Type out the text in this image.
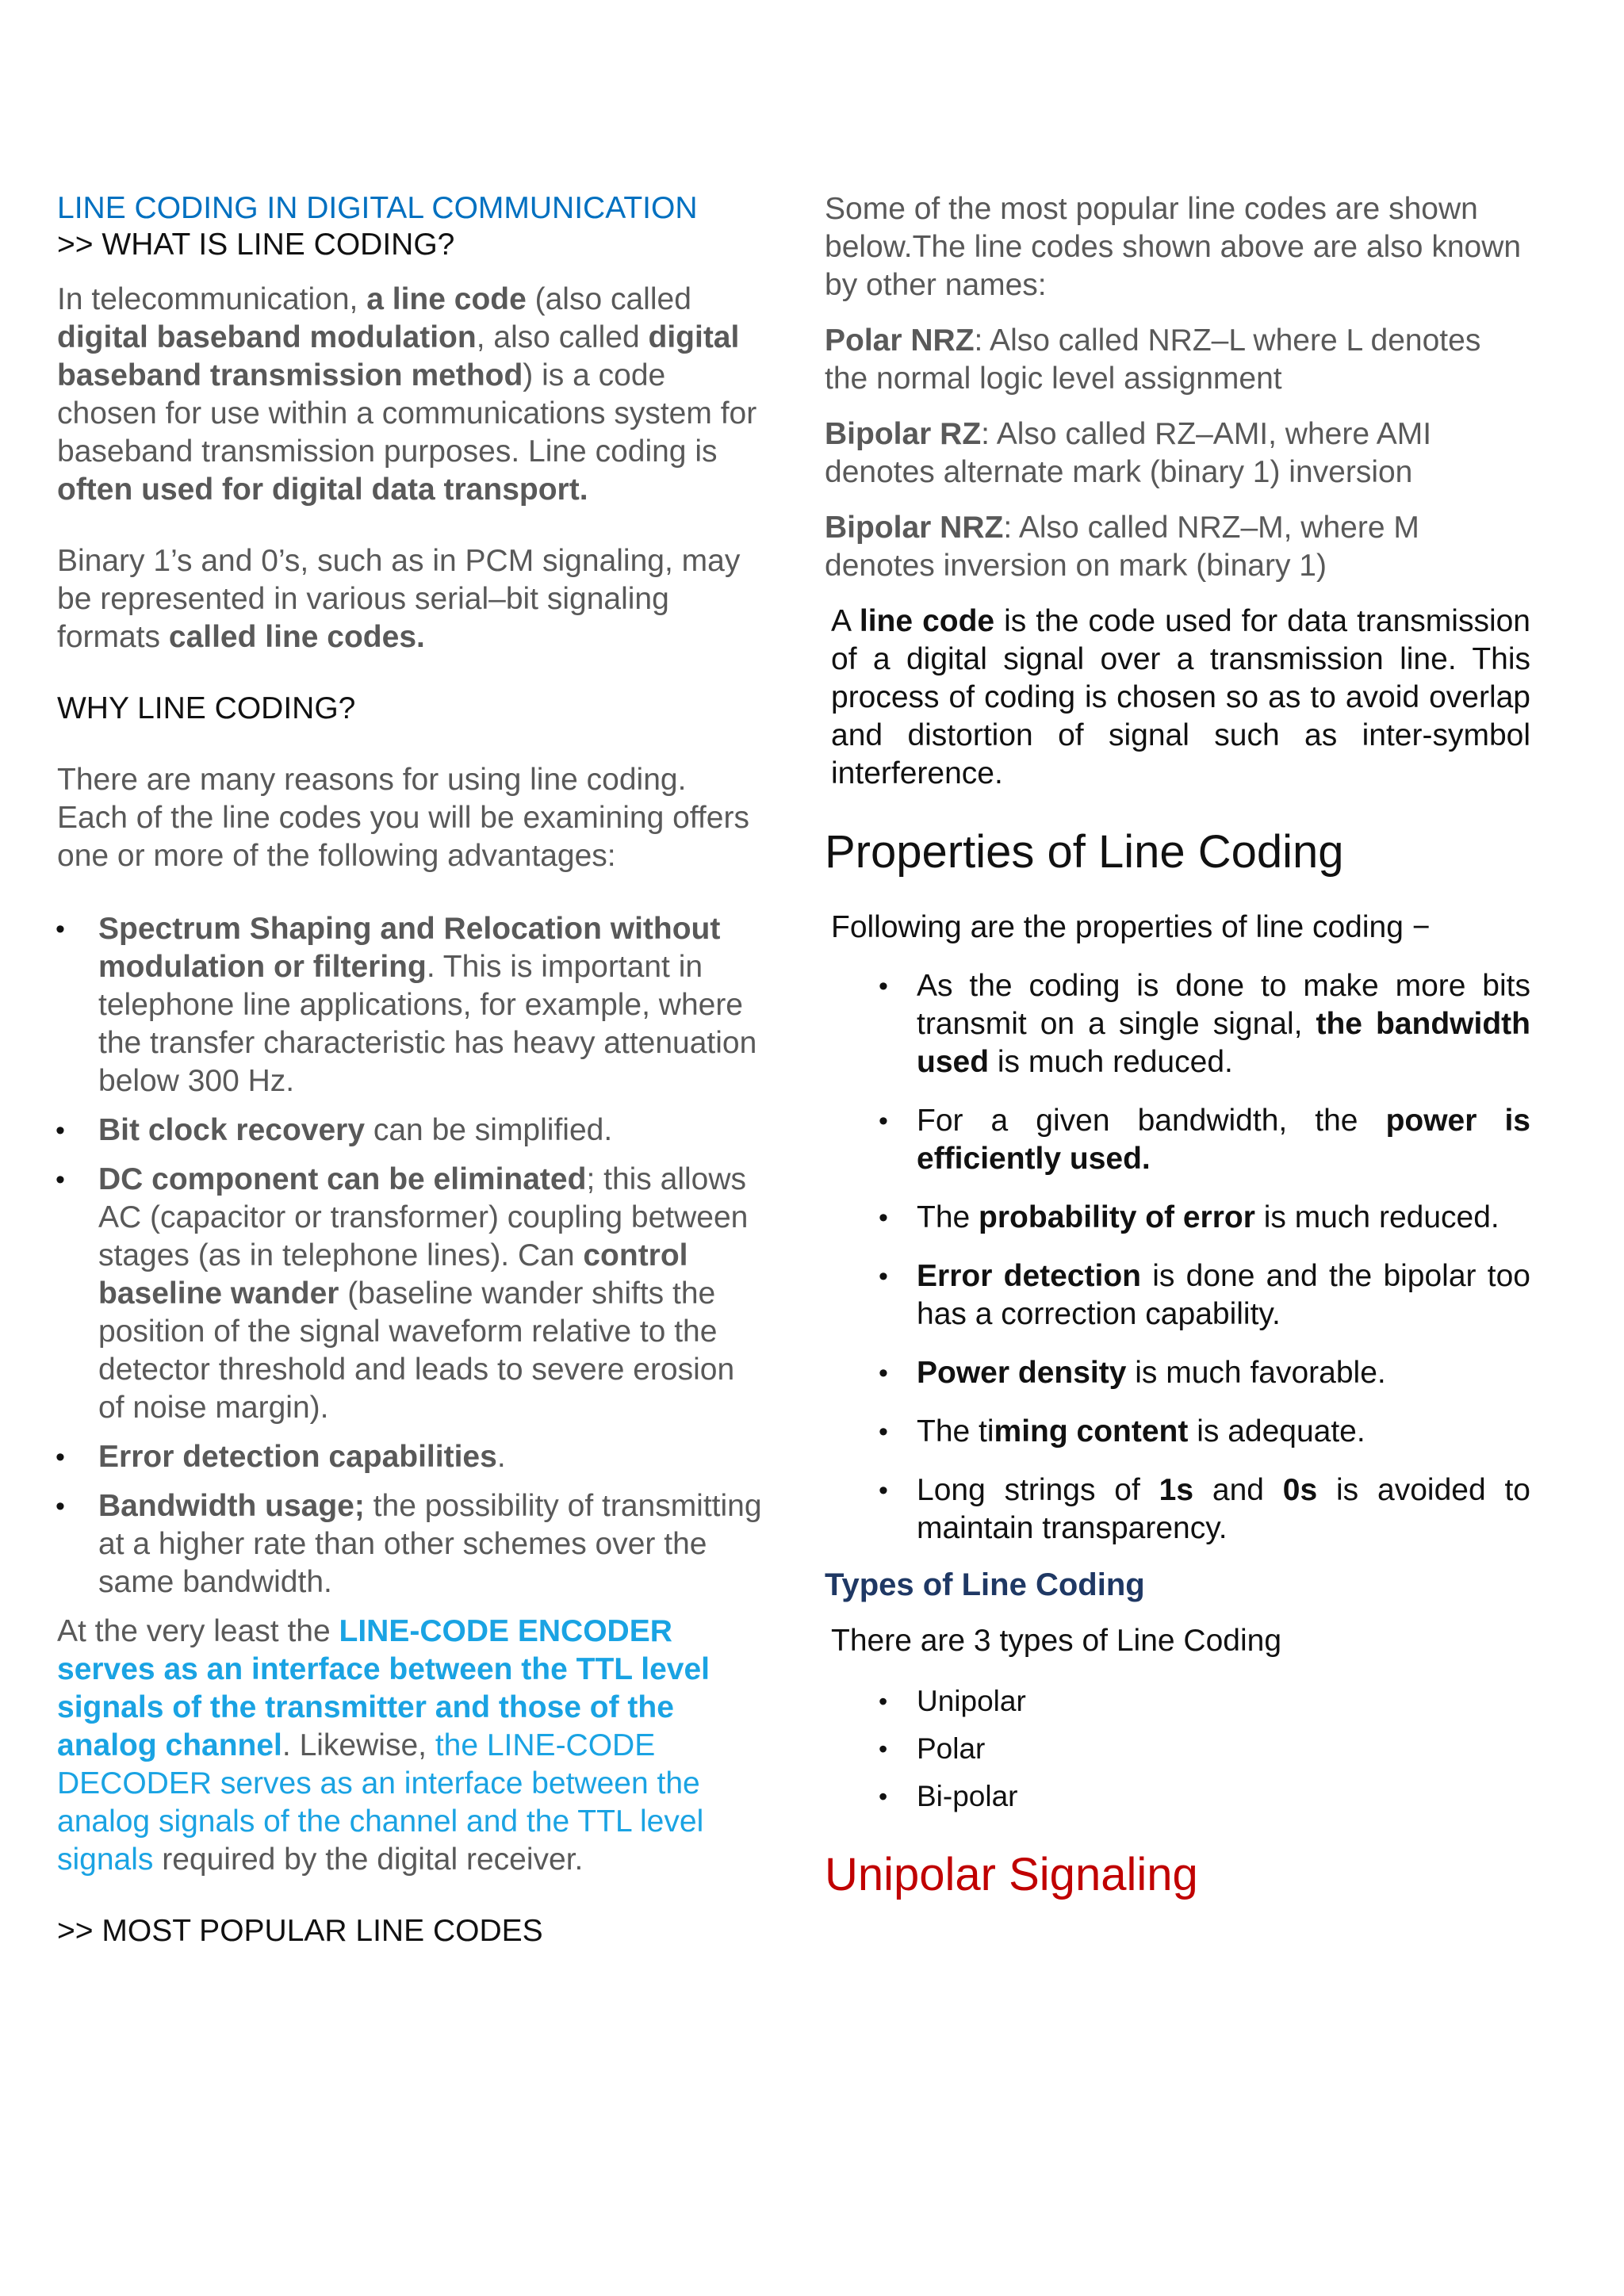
LINE CODING IN DIGITAL COMMUNICATION

>> WHAT IS LINE CODING?

In telecommunication, a line code (also called digital baseband modulation, also called digital baseband transmission method) is a code chosen for use within a communications system for baseband transmission purposes. Line coding is often used for digital data transport.

Binary 1’s and 0’s, such as in PCM signaling, may be represented in various serial–bit signaling formats called line codes.

WHY LINE CODING?

There are many reasons for using line coding. Each of the line codes you will be examining offers one or more of the following advantages:

• Spectrum Shaping and Relocation without modulation or filtering. This is important in telephone line applications, for example, where the transfer characteristic has heavy attenuation below 300 Hz.
• Bit clock recovery can be simplified.
• DC component can be eliminated; this allows AC (capacitor or transformer) coupling between stages (as in telephone lines). Can control baseline wander (baseline wander shifts the position of the signal waveform relative to the detector threshold and leads to severe erosion of noise margin).
• Error detection capabilities.
• Bandwidth usage; the possibility of transmitting at a higher rate than other schemes over the same bandwidth.

At the very least the LINE-CODE ENCODER serves as an interface between the TTL level signals of the transmitter and those of the analog channel. Likewise, the LINE-CODE DECODER serves as an interface between the analog signals of the channel and the TTL level signals required by the digital receiver.

>> MOST POPULAR LINE CODES

Some of the most popular line codes are shown below.The line codes shown above are also known by other names:

Polar NRZ: Also called NRZ–L where L denotes the normal logic level assignment

Bipolar RZ: Also called RZ–AMI, where AMI denotes alternate mark (binary 1) inversion

Bipolar NRZ: Also called NRZ–M, where M denotes inversion on mark (binary 1)

A line code is the code used for data transmission of a digital signal over a transmission line. This process of coding is chosen so as to avoid overlap and distortion of signal such as inter-symbol interference.

Properties of Line Coding

Following are the properties of line coding −

• As the coding is done to make more bits transmit on a single signal, the bandwidth used is much reduced.
• For a given bandwidth, the power is efficiently used.
• The probability of error is much reduced.
• Error detection is done and the bipolar too has a correction capability.
• Power density is much favorable.
• The timing content is adequate.
• Long strings of 1s and 0s is avoided to maintain transparency.

Types of Line Coding

There are 3 types of Line Coding

• Unipolar
• Polar
• Bi-polar

Unipolar Signaling
